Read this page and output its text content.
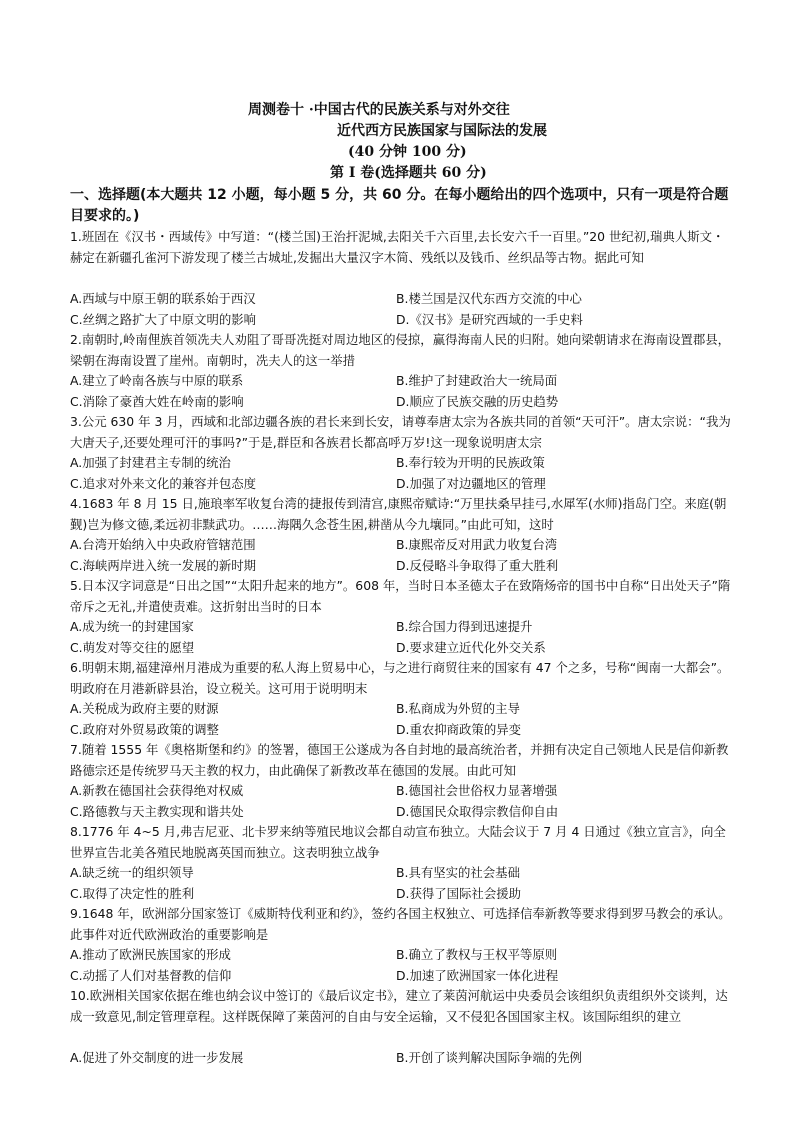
周测卷十 ·中国古代的民族关系与对外交往
近代西方民族国家与国际法的发展
(40 分钟 100 分)
第 I 卷(选择题共 60 分)
一、选择题(本大题共 12 小题，每小题 5 分，共 60 分。在每小题给出的四个选项中，只有一项是符合题目要求的。)
1.班固在《汉书・西域传》中写道：“(楼兰国)王治扞泥城,去阳关千六百里,去长安六千一百里。”20 世纪初,瑞典人斯文・赫定在新疆孔雀河下游发现了楼兰古城址,发掘出大量汉字木简、残纸以及钱币、丝织品等古物。据此可知
A.西域与中原王朝的联系始于西汉	B.楼兰国是汉代东西方交流的中心
C.丝绸之路扩大了中原文明的影响	D.《汉书》是研究西域的一手史料
2.南朝时,岭南俚族首领冼夫人劝阻了哥哥冼挺对周边地区的侵掠，赢得海南人民的归附。她向梁朝请求在海南设置郡县，梁朝在海南设置了崖州。南朝时，冼夫人的这一举措
A.建立了岭南各族与中原的联系	B.维护了封建政治大一统局面
C.消除了豪酋大姓在岭南的影响	D.顺应了民族交融的历史趋势
3.公元 630 年 3 月，西域和北部边疆各族的君长来到长安，请尊奉唐太宗为各族共同的首领“天可汗”。唐太宗说：“我为大唐天子,还要处理可汗的事吗?”于是,群臣和各族君长都高呼万岁!这一现象说明唐太宗
A.加强了封建君主专制的统治	B.奉行较为开明的民族政策
C.追求对外来文化的兼容并包态度	D.加强了对边疆地区的管理
4.1683 年 8 月 15 日,施琅率军收复台湾的捷报传到清宫,康熙帝赋诗:“万里扶桑早挂弓,水犀军(水师)指岛门空。来庭(朝觐)岂为修文德,柔远初非黩武功。……海隅久念苍生困,耕凿从今九壤同。”由此可知，这时
A.台湾开始纳入中央政府管辖范围	B.康熙帝反对用武力收复台湾
C.海峡两岸进入统一发展的新时期	D.反侵略斗争取得了重大胜利
5.日本汉字词意是“日出之国”“太阳升起来的地方”。608 年，当时日本圣德太子在致隋炀帝的国书中自称“日出处天子”隋帝斥之无礼,并遣使责难。这折射出当时的日本
A.成为统一的封建国家	B.综合国力得到迅速提升
C.萌发对等交往的愿望	D.要求建立近代化外交关系
6.明朝末期,福建漳州月港成为重要的私人海上贸易中心，与之进行商贸往来的国家有 47 个之多，号称“闽南一大都会”。明政府在月港新辟县治，设立税关。这可用于说明明末
A.关税成为政府主要的财源	B.私商成为外贸的主导
C.政府对外贸易政策的调整	D.重农抑商政策的异变
7.随着 1555 年《奥格斯堡和约》的签署，德国王公遂成为各自封地的最高统治者，并拥有决定自己领地人民是信仰新教路德宗还是传统罗马天主教的权力，由此确保了新教改革在德国的发展。由此可知
A.新教在德国社会获得绝对权威	B.德国社会世俗权力显著增强
C.路德教与天主教实现和谐共处	D.德国民众取得宗教信仰自由
8.1776 年 4~5 月,弗吉尼亚、北卡罗来纳等殖民地议会都自动宣布独立。大陆会议于 7 月 4 日通过《独立宣言》，向全世界宣告北美各殖民地脱离英国而独立。这表明独立战争
A.缺乏统一的组织领导	B.具有坚实的社会基础
C.取得了决定性的胜利	D.获得了国际社会援助
9.1648 年，欧洲部分国家签订《威斯特伐利亚和约》，签约各国主权独立、可选择信奉新教等要求得到罗马教会的承认。此事件对近代欧洲政治的重要影响是
A.推动了欧洲民族国家的形成	B.确立了教权与王权平等原则
C.动摇了人们对基督教的信仰	D.加速了欧洲国家一体化进程
10.欧洲相关国家依据在维也纳会议中签订的《最后议定书》，建立了莱茵河航运中央委员会该组织负责组织外交谈判，达成一致意见,制定管理章程。这样既保障了莱茵河的自由与安全运输，又不侵犯各国国家主权。该国际组织的建立
A.促进了外交制度的进一步发展	B.开创了谈判解决国际争端的先例
